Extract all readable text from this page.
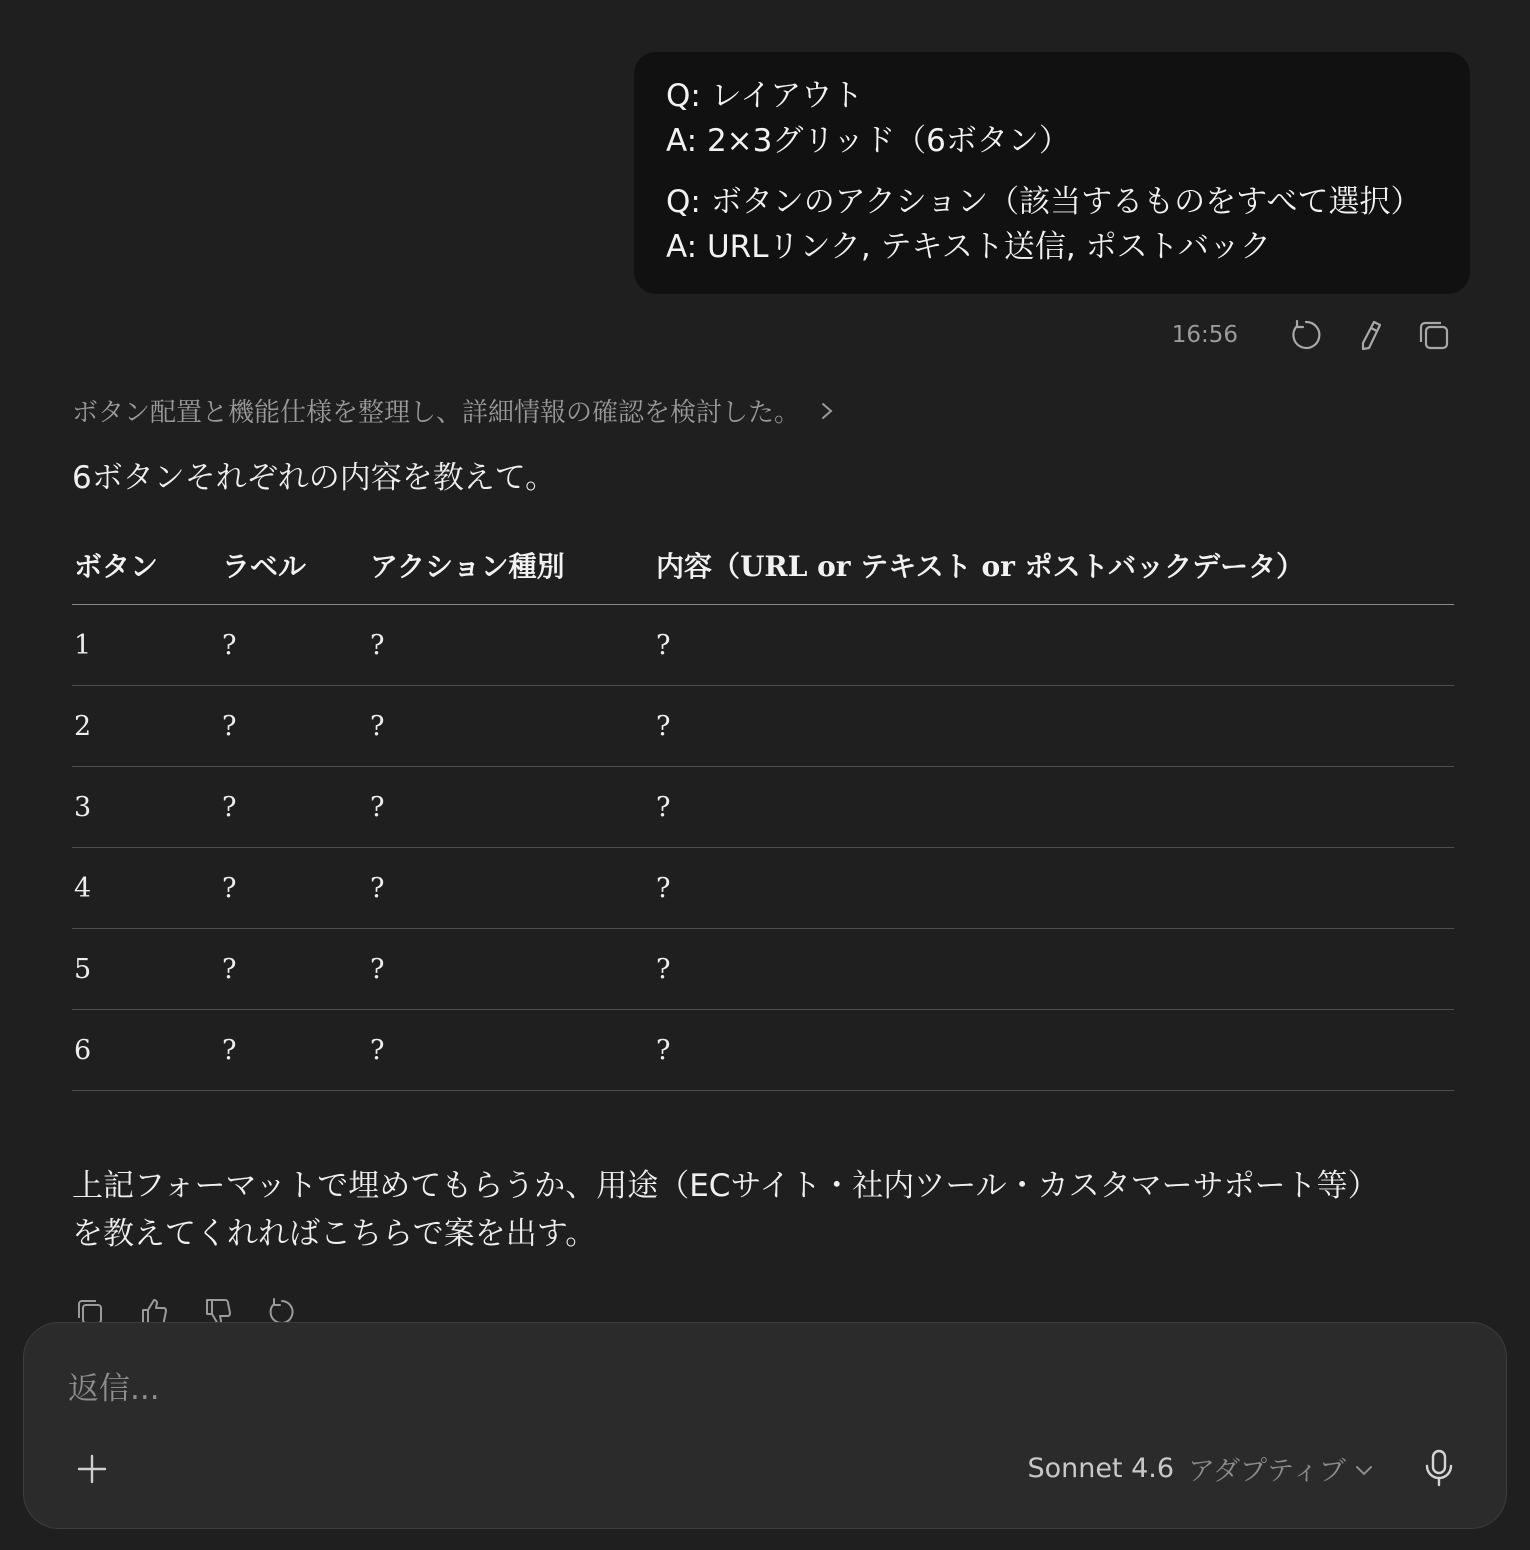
Q: レイアウト
A: 2×3グリッド（6ボタン）
Q: ボタンのアクション（該当するものをすべて選択）
A: URLリンク, テキスト送信, ポストバック
16:56
ボタン配置と機能仕様を整理し、詳細情報の確認を検討した。
6ボタンそれぞれの内容を教えて。
ボタン	ラベル	アクション種別	内容（URL or テキスト or ポストバックデータ）
1	?	?	?
2	?	?	?
3	?	?	?
4	?	?	?
5	?	?	?
6	?	?	?
上記フォーマットで埋めてもらうか、用途（ECサイト・社内ツール・カスタマーサポート等）を教えてくれればこちらで案を出す。
返信...
Sonnet 4.6 アダプティブ
